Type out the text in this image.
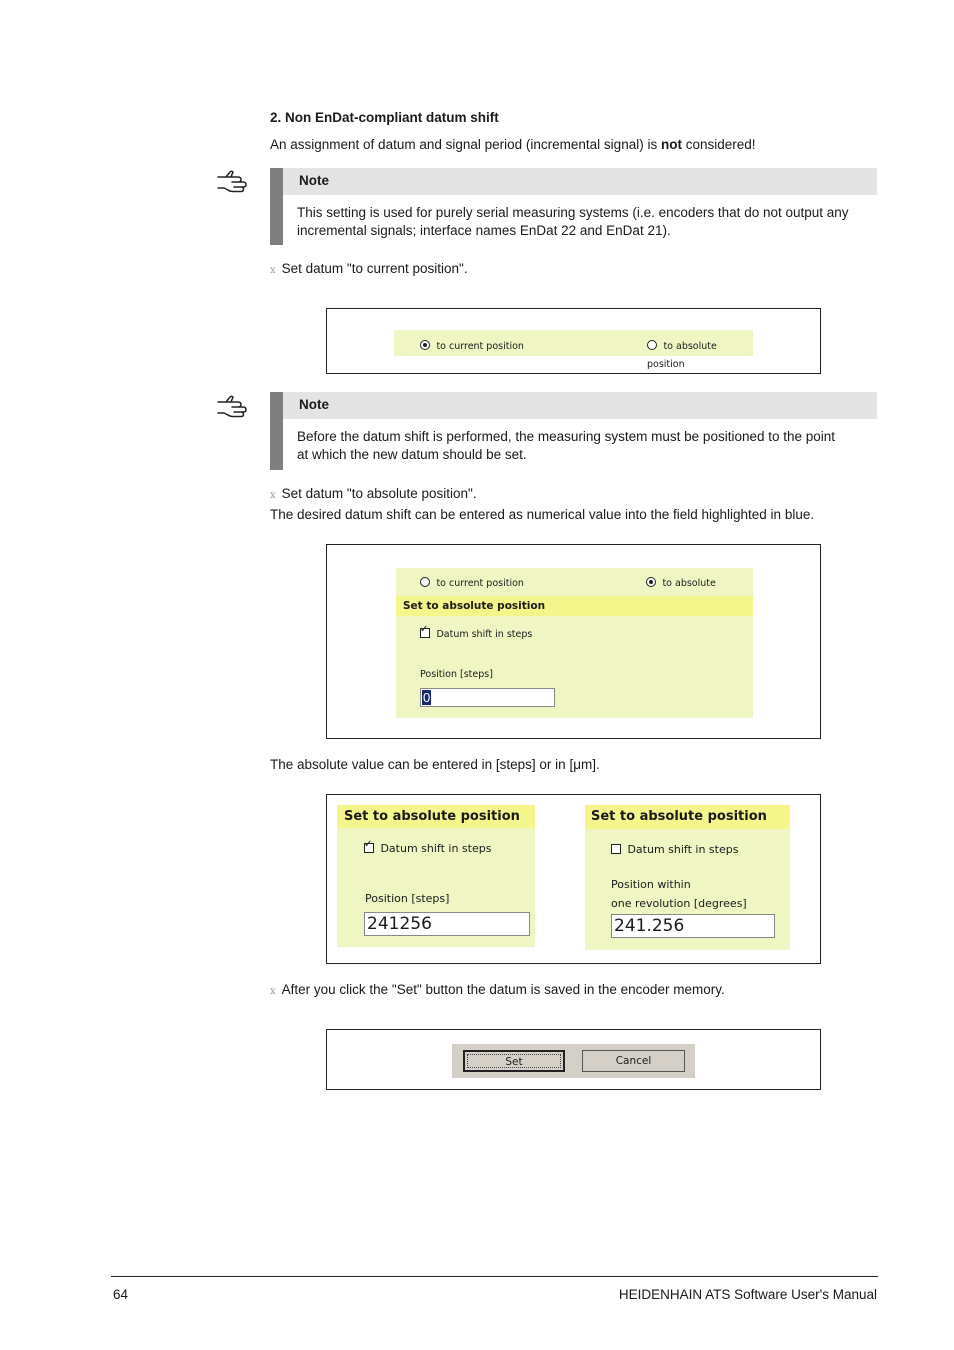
2. Non EnDat-compliant datum shift
An assignment of datum and signal period (incremental signal) is not considered!
Note
This setting is used for purely serial measuring systems (i.e. encoders that do not output any
incremental signals; interface names EnDat 22 and EnDat 21).
x Set datum "to current position".
to current position	to absolute position
Note
Before the datum shift is performed, the measuring system must be positioned to the point
at which the new datum should be set.
x Set datum "to absolute position".
The desired datum shift can be entered as numerical value into the field highlighted in blue.
to current position	to absolute
Set to absolute position
✓ Datum shift in steps
Position [steps]
0
The absolute value can be entered in [steps] or in [μm].
Set to absolute position
✓ Datum shift in steps
Position [steps]
241256
Set to absolute position
Datum shift in steps
Position within
one revolution [degrees]
241.256
x After you click the "Set" button the datum is saved in the encoder memory.
Set	Cancel
64	HEIDENHAIN ATS Software User's Manual
